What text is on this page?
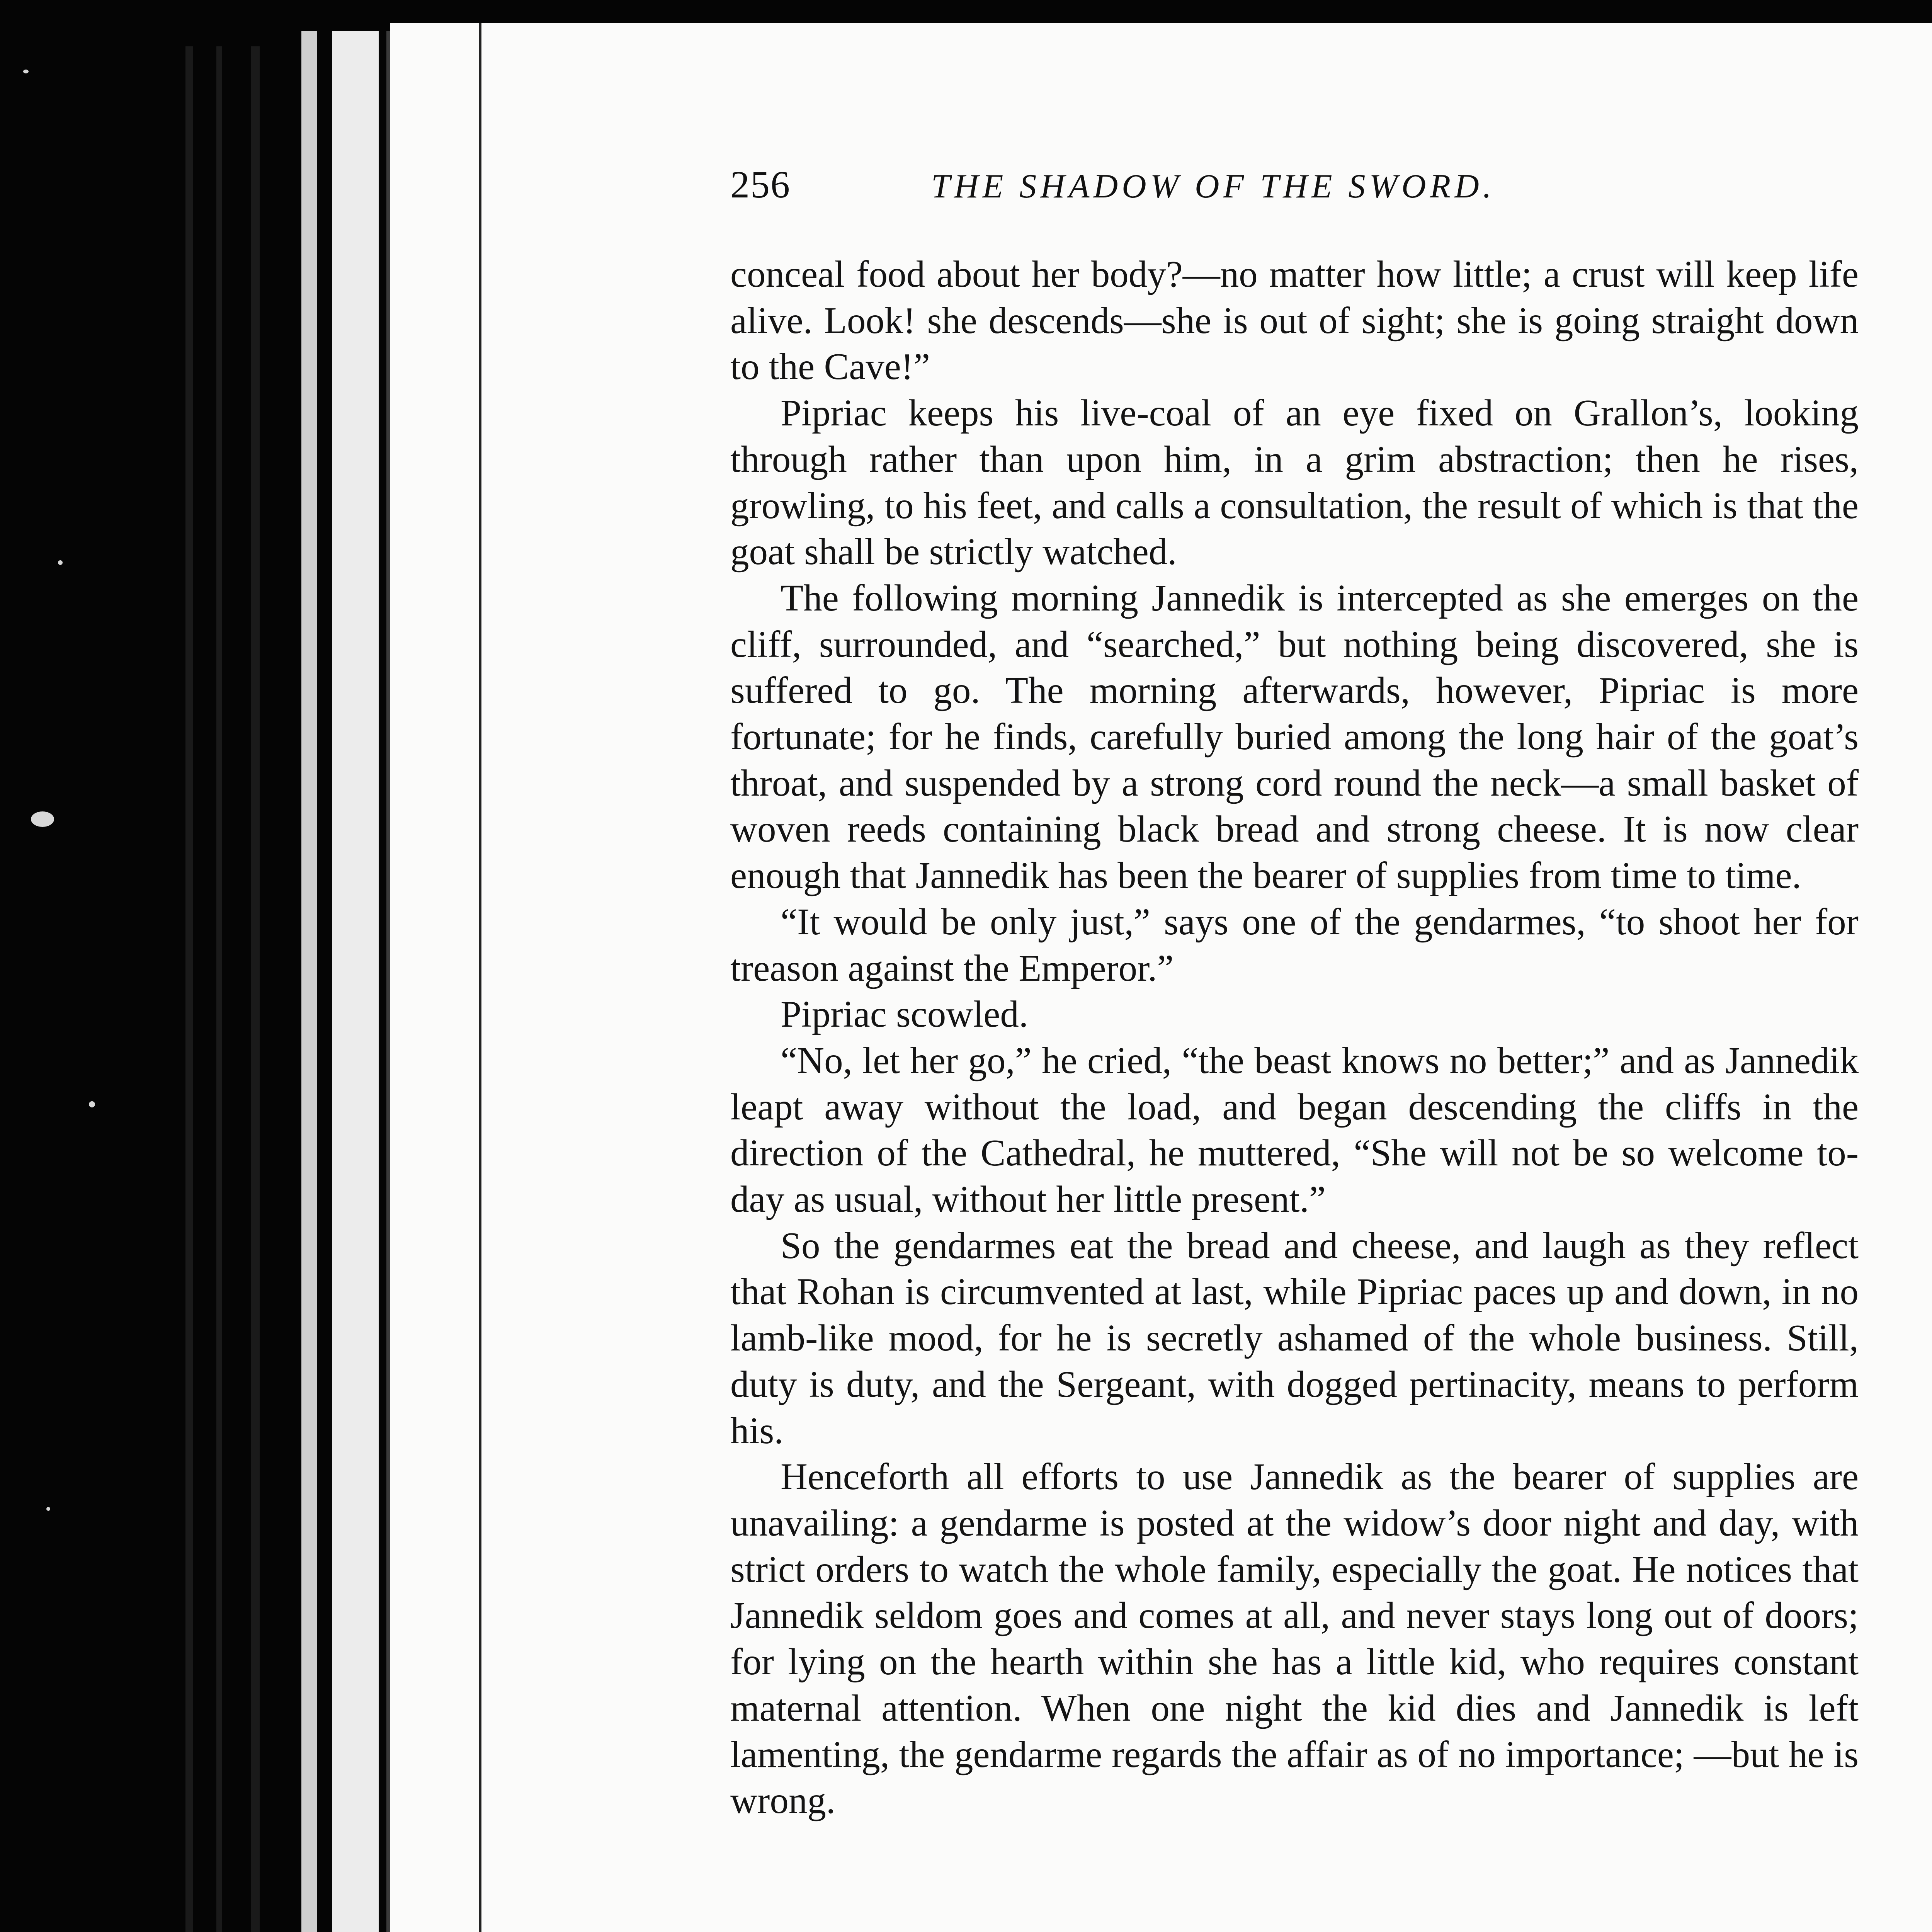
256	THE SHADOW OF THE SWORD.

conceal food about her body?—no matter how little; a crust will keep life alive. Look! she descends—she is out of sight; she is going straight down to the Cave!”

Pipriac keeps his live-coal of an eye fixed on Grallon’s, looking through rather than upon him, in a grim abstraction; then he rises, growling, to his feet, and calls a consultation, the result of which is that the goat shall be strictly watched.

The following morning Jannedik is intercepted as she emerges on the cliff, surrounded, and “searched,” but nothing being discovered, she is suffered to go. The morning afterwards, however, Pipriac is more fortunate; for he finds, carefully buried among the long hair of the goat’s throat, and suspended by a strong cord round the neck—a small basket of woven reeds containing black bread and strong cheese. It is now clear enough that Jannedik has been the bearer of supplies from time to time.

“It would be only just,” says one of the gendarmes, “to shoot her for treason against the Emperor.”

Pipriac scowled.

“No, let her go,” he cried, “the beast knows no better;” and as Jannedik leapt away without the load, and began descending the cliffs in the direction of the Cathedral, he muttered, “She will not be so welcome to-day as usual, without her little present.”

So the gendarmes eat the bread and cheese, and laugh as they reflect that Rohan is circumvented at last, while Pipriac paces up and down, in no lamb-like mood, for he is secretly ashamed of the whole business. Still, duty is duty, and the Sergeant, with dogged pertinacity, means to perform his.

Henceforth all efforts to use Jannedik as the bearer of supplies are unavailing: a gendarme is posted at the widow’s door night and day, with strict orders to watch the whole family, especially the goat. He notices that Jannedik seldom goes and comes at all, and never stays long out of doors; for lying on the hearth within she has a little kid, who requires constant maternal attention. When one night the kid dies and Jannedik is left lamenting, the gendarme regards the affair as of no importance; —but he is wrong.
